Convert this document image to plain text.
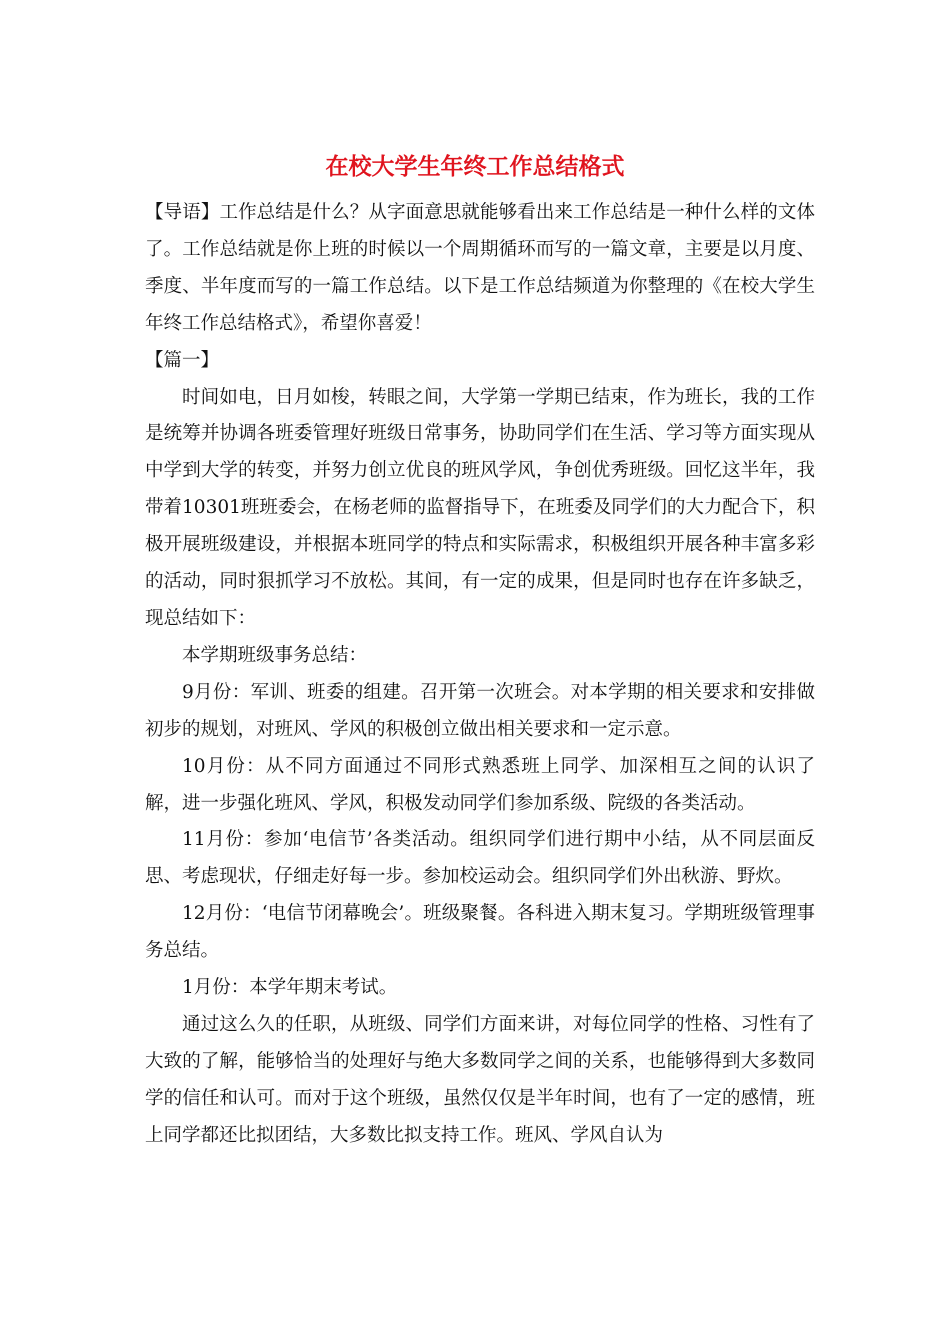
在校大学生年终工作总结格式

【导语】工作总结是什么？从字面意思就能够看出来工作总结是一种什么样的文体了。工作总结就是你上班的时候以一个周期循环而写的一篇文章，主要是以月度、季度、半年度而写的一篇工作总结。以下是工作总结频道为你整理的《在校大学生年终工作总结格式》，希望你喜爱！

【篇一】

时间如电，日月如梭，转眼之间，大学第一学期已结束，作为班长，我的工作是统筹并协调各班委管理好班级日常事务，协助同学们在生活、学习等方面实现从中学到大学的转变，并努力创立优良的班风学风，争创优秀班级。回忆这半年，我带着10301班班委会，在杨老师的监督指导下，在班委及同学们的大力配合下，积极开展班级建设，并根据本班同学的特点和实际需求，积极组织开展各种丰富多彩的活动，同时狠抓学习不放松。其间，有一定的成果，但是同时也存在许多缺乏，现总结如下：

本学期班级事务总结：

9月份：军训、班委的组建。召开第一次班会。对本学期的相关要求和安排做初步的规划，对班风、学风的积极创立做出相关要求和一定示意。

10月份：从不同方面通过不同形式熟悉班上同学、加深相互之间的认识了解，进一步强化班风、学风，积极发动同学们参加系级、院级的各类活动。

11月份：参加‘电信节’各类活动。组织同学们进行期中小结，从不同层面反思、考虑现状，仔细走好每一步。参加校运动会。组织同学们外出秋游、野炊。

12月份：‘电信节闭幕晚会’。班级聚餐。各科进入期末复习。学期班级管理事务总结。

1月份：本学年期末考试。

通过这么久的任职，从班级、同学们方面来讲，对每位同学的性格、习性有了大致的了解，能够恰当的处理好与绝大多数同学之间的关系，也能够得到大多数同学的信任和认可。而对于这个班级，虽然仅仅是半年时间，也有了一定的感情，班上同学都还比拟团结，大多数比拟支持工作。班风、学风自认为
